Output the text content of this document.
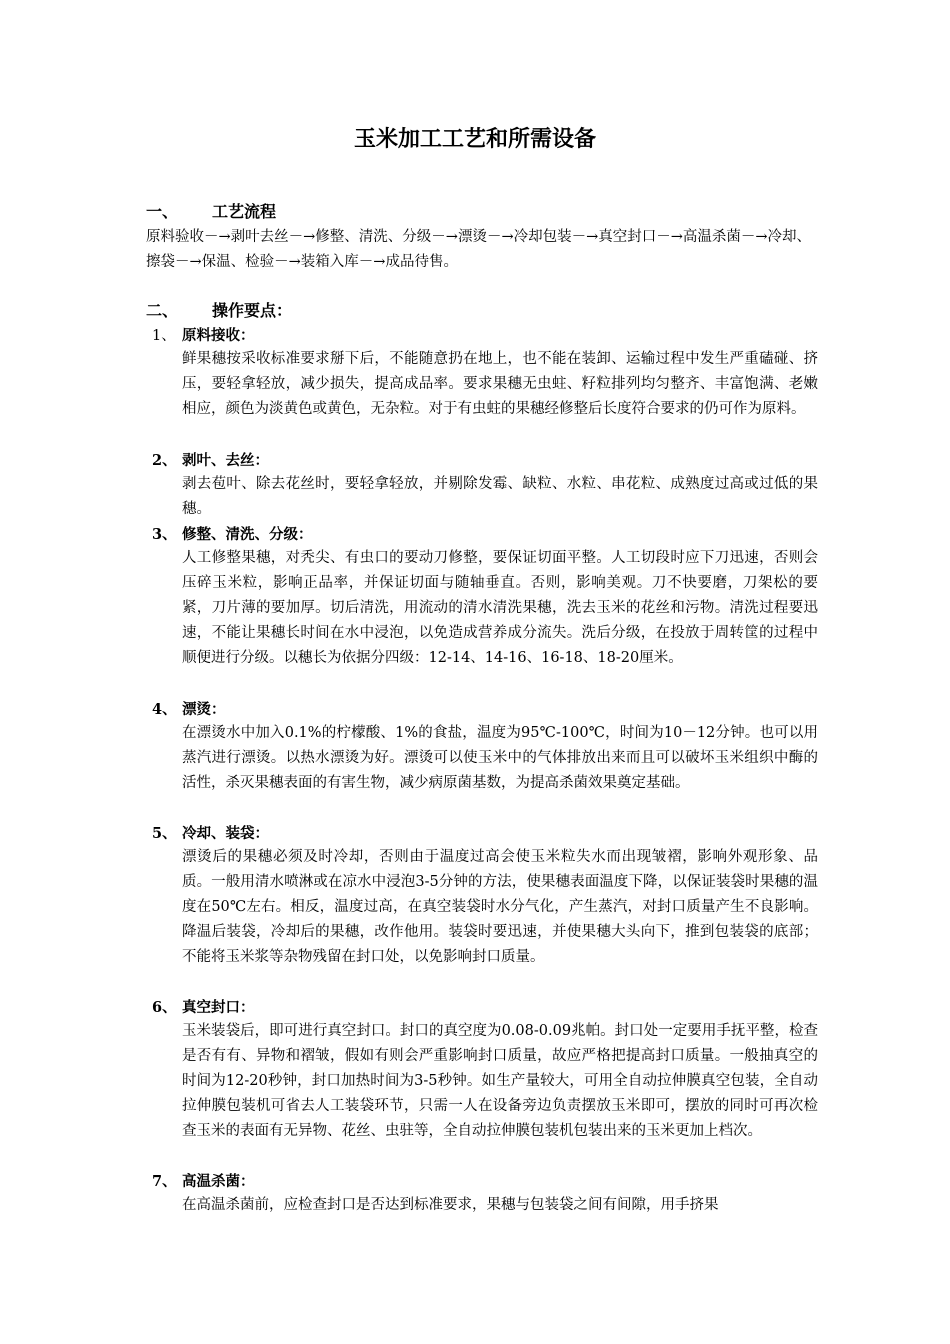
玉米加工工艺和所需设备
一、 工艺流程

原料验收－→剥叶去丝－→修整、清洗、分级－→漂烫－→冷却包装－→真空封口－→高温杀菌－→冷却、擦袋－→保温、检验－→装箱入库－→成品待售。

二、 操作要点：
1、 原料接收：

鲜果穗按采收标准要求掰下后，不能随意扔在地上，也不能在装卸、运输过程中发生严重磕碰、挤压，要轻拿轻放，减少损失，提高成品率。要求果穗无虫蛀、籽粒排列均匀整齐、丰富饱满、老嫩相应，颜色为淡黄色或黄色，无杂粒。对于有虫蛀的果穗经修整后长度符合要求的仍可作为原料。

2、 剥叶、去丝：

剥去苞叶、除去花丝时，要轻拿轻放，并剔除发霉、缺粒、水粒、串花粒、成熟度过高或过低的果穗。

3、 修整、清洗、分级：

人工修整果穗，对秃尖、有虫口的要动刀修整，要保证切面平整。人工切段时应下刀迅速，否则会压碎玉米粒，影响正品率，并保证切面与随轴垂直。否则，影响美观。刀不快要磨，刀架松的要紧，刀片薄的要加厚。切后清洗，用流动的清水清洗果穗，洗去玉米的花丝和污物。清洗过程要迅速，不能让果穗长时间在水中浸泡，以免造成营养成分流失。洗后分级，在投放于周转筐的过程中顺便进行分级。以穗长为依据分四级：12-14、14-16、16-18、18-20厘米。

4、 漂烫：

在漂烫水中加入0.1%的柠檬酸、1%的食盐，温度为95℃-100℃，时间为10－12分钟。也可以用蒸汽进行漂烫。以热水漂烫为好。漂烫可以使玉米中的气体排放出来而且可以破坏玉米组织中酶的活性，杀灭果穗表面的有害生物，减少病原菌基数，为提高杀菌效果奠定基础。

5、 冷却、装袋：

漂烫后的果穗必须及时冷却，否则由于温度过高会使玉米粒失水而出现皱褶，影响外观形象、品质。一般用清水喷淋或在凉水中浸泡3-5分钟的方法，使果穗表面温度下降，以保证装袋时果穗的温度在50℃左右。相反，温度过高，在真空装袋时水分气化，产生蒸汽，对封口质量产生不良影响。降温后装袋，冷却后的果穗，改作他用。装袋时要迅速，并使果穗大头向下，推到包装袋的底部；不能将玉米浆等杂物残留在封口处，以免影响封口质量。

6、 真空封口：

玉米装袋后，即可进行真空封口。封口的真空度为0.08-0.09兆帕。封口处一定要用手抚平整，检查是否有有、异物和褶皱，假如有则会严重影响封口质量，故应严格把提高封口质量。一般抽真空的时间为12-20秒钟，封口加热时间为3-5秒钟。如生产量较大，可用全自动拉伸膜真空包装，全自动拉伸膜包装机可省去人工装袋环节，只需一人在设备旁边负责摆放玉米即可，摆放的同时可再次检查玉米的表面有无异物、花丝、虫驻等，全自动拉伸膜包装机包装出来的玉米更加上档次。

7、 高温杀菌：

在高温杀菌前，应检查封口是否达到标准要求，果穗与包装袋之间有间隙，用手挤果
